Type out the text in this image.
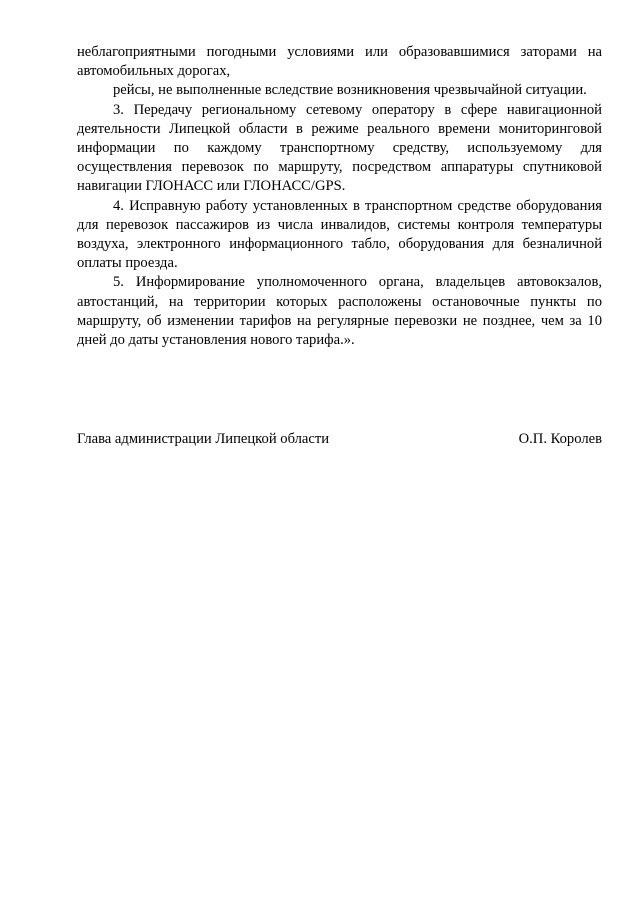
неблагоприятными погодными условиями или образовавшимися заторами на автомобильных дорогах,

рейсы, не выполненные вследствие возникновения чрезвычайной ситуации.

3. Передачу региональному сетевому оператору в сфере навигационной деятельности Липецкой области в режиме реального времени мониторинговой информации по каждому транспортному средству, используемому для осуществления перевозок по маршруту, посредством аппаратуры спутниковой навигации ГЛОНАСС или ГЛОНАСС/GPS.

4. Исправную работу установленных в транспортном средстве оборудования для перевозок пассажиров из числа инвалидов, системы контроля температуры воздуха, электронного информационного табло, оборудования для безналичной оплаты проезда.

5. Информирование уполномоченного органа, владельцев автовокзалов, автостанций, на территории которых расположены остановочные пункты по маршруту, об изменении тарифов на регулярные перевозки не позднее, чем за 10 дней до даты установления нового тарифа.».

Глава администрации Липецкой области	О.П. Королев
